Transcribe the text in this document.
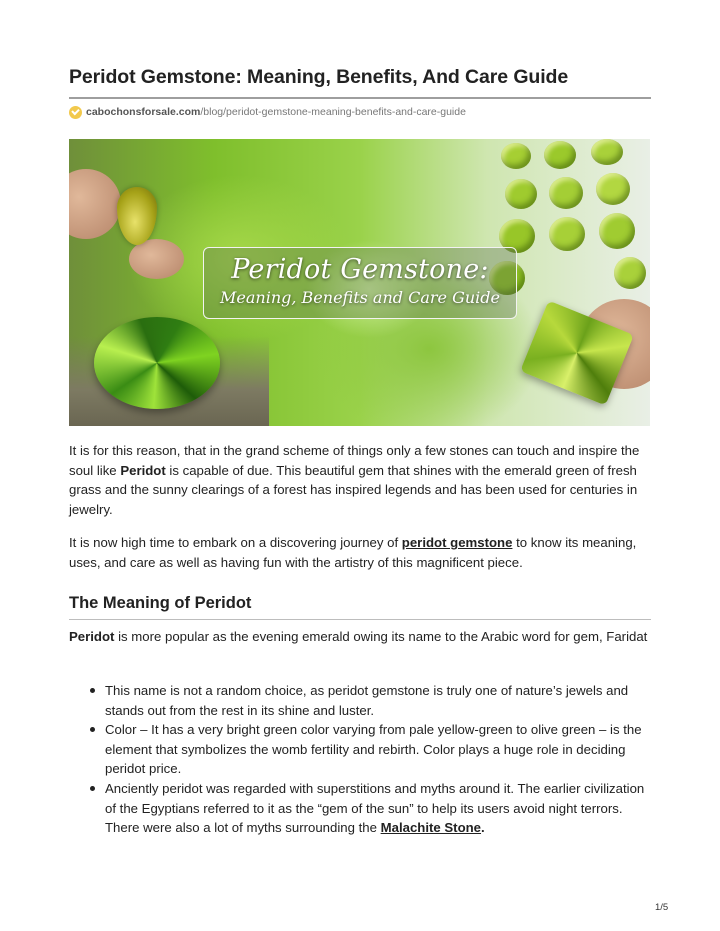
Peridot Gemstone: Meaning, Benefits, And Care Guide
cabochonsforsale.com /blog/peridot-gemstone-meaning-benefits-and-care-guide
Peridot Gemstone:
Meaning, Benefits and Care Guide

It is for this reason, that in the grand scheme of things only a few stones can touch and inspire the soul like Peridot is capable of due. This beautiful gem that shines with the emerald green of fresh grass and the sunny clearings of a forest has inspired legends and has been used for centuries in jewelry.

It is now high time to embark on a discovering journey of peridot gemstone to know its meaning, uses, and care as well as having fun with the artistry of this magnificent piece.

The Meaning of Peridot

Peridot is more popular as the evening emerald owing its name to the Arabic word for gem, Faridat

This name is not a random choice, as peridot gemstone is truly one of nature’s jewels and stands out from the rest in its shine and luster.
Color – It has a very bright green color varying from pale yellow-green to olive green – is the element that symbolizes the womb fertility and rebirth. Color plays a huge role in deciding peridot price.
Anciently peridot was regarded with superstitions and myths around it. The earlier civilization of the Egyptians referred to it as the “gem of the sun” to help its users avoid night terrors. There were also a lot of myths surrounding the Malachite Stone.
1/5
